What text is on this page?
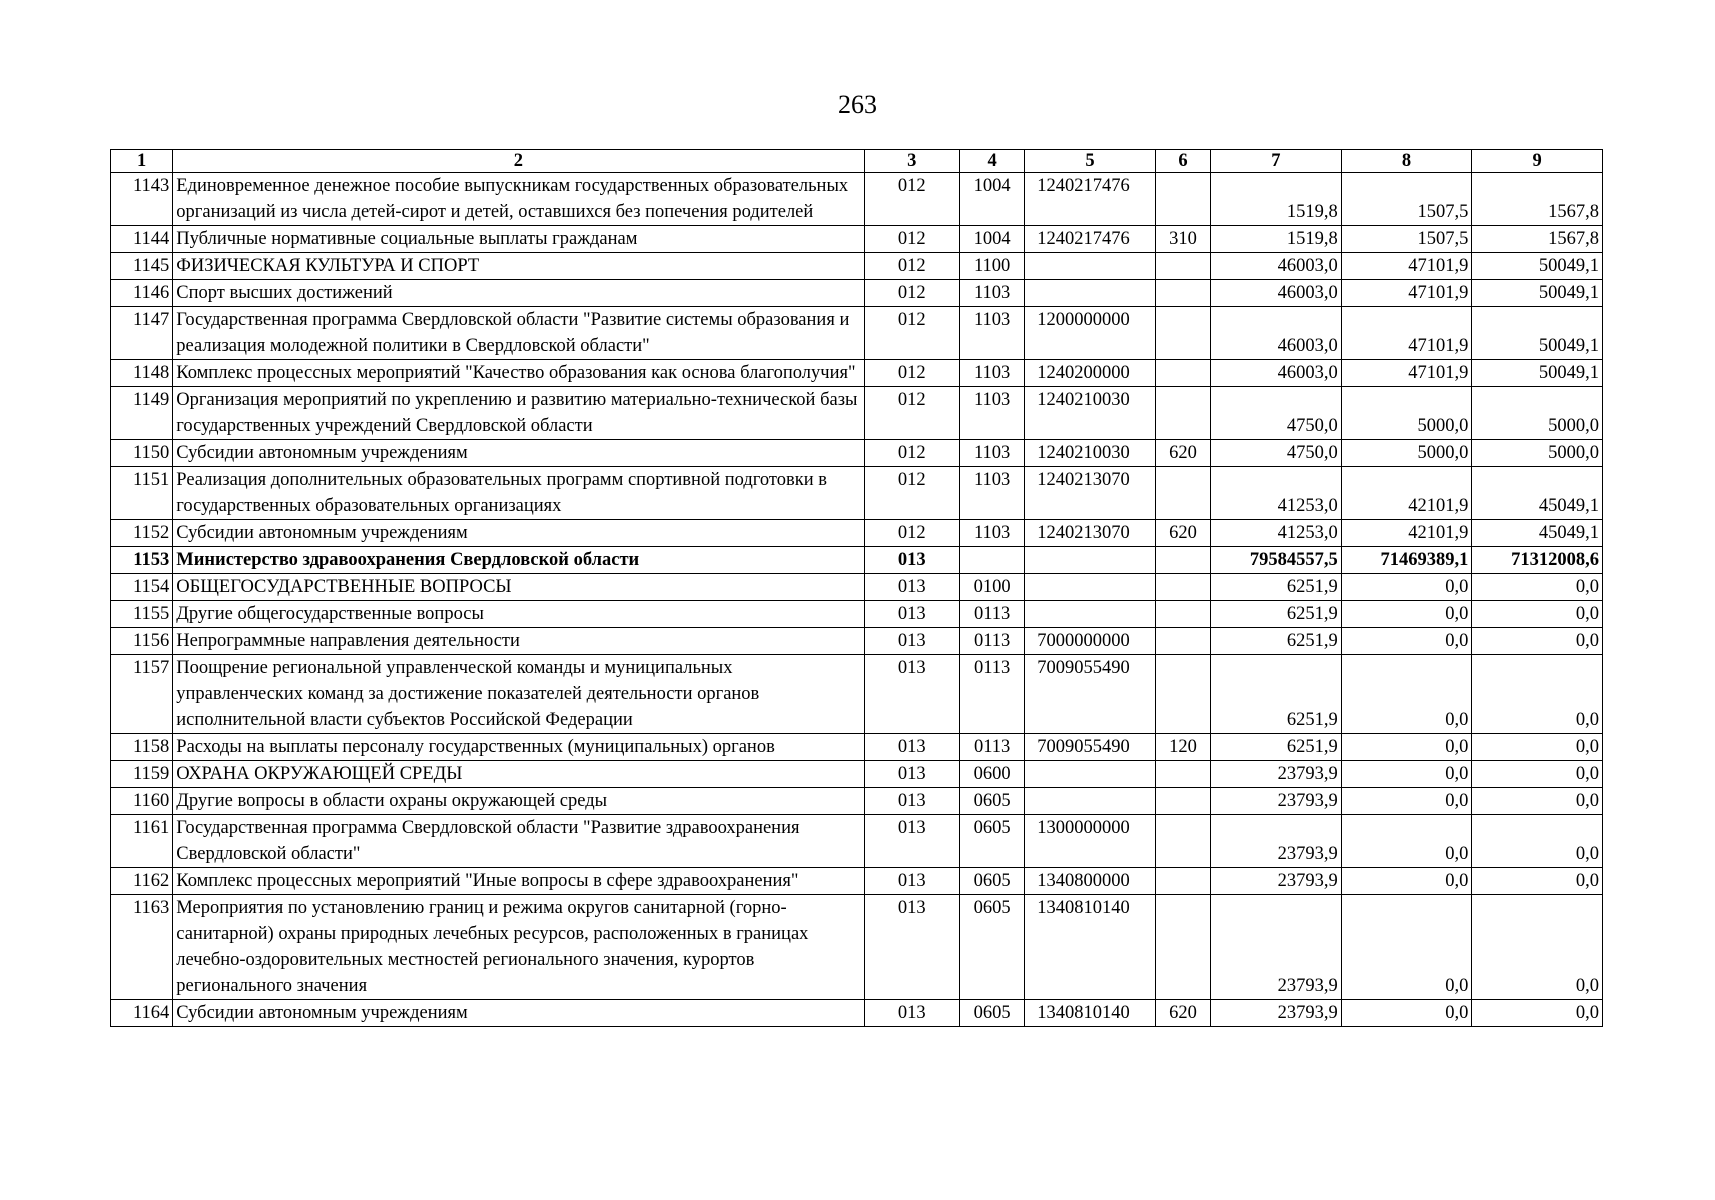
263
1	2	3	4	5	6	7	8	9
1143	Единовременное денежное пособие выпускникам государственных образовательных организаций из числа детей-сирот и детей, оставшихся без попечения родителей	012	1004	1240217476		1519,8	1507,5	1567,8
1144	Публичные нормативные социальные выплаты гражданам	012	1004	1240217476	310	1519,8	1507,5	1567,8
1145	ФИЗИЧЕСКАЯ КУЛЬТУРА И СПОРТ	012	1100			46003,0	47101,9	50049,1
1146	Спорт высших достижений	012	1103			46003,0	47101,9	50049,1
1147	Государственная программа Свердловской области "Развитие системы образования и реализация молодежной политики в Свердловской области"	012	1103	1200000000		46003,0	47101,9	50049,1
1148	Комплекс процессных мероприятий "Качество образования как основа благополучия"	012	1103	1240200000		46003,0	47101,9	50049,1
1149	Организация мероприятий по укреплению и развитию материально-технической базы государственных учреждений Свердловской области	012	1103	1240210030		4750,0	5000,0	5000,0
1150	Субсидии автономным учреждениям	012	1103	1240210030	620	4750,0	5000,0	5000,0
1151	Реализация дополнительных образовательных программ спортивной подготовки в государственных образовательных организациях	012	1103	1240213070		41253,0	42101,9	45049,1
1152	Субсидии автономным учреждениям	012	1103	1240213070	620	41253,0	42101,9	45049,1
1153	Министерство здравоохранения Свердловской области	013				79584557,5	71469389,1	71312008,6
1154	ОБЩЕГОСУДАРСТВЕННЫЕ ВОПРОСЫ	013	0100			6251,9	0,0	0,0
1155	Другие общегосударственные вопросы	013	0113			6251,9	0,0	0,0
1156	Непрограммные направления деятельности	013	0113	7000000000		6251,9	0,0	0,0
1157	Поощрение региональной управленческой команды и муниципальных управленческих команд за достижение показателей деятельности органов исполнительной власти субъектов Российской Федерации	013	0113	7009055490		6251,9	0,0	0,0
1158	Расходы на выплаты персоналу государственных (муниципальных) органов	013	0113	7009055490	120	6251,9	0,0	0,0
1159	ОХРАНА ОКРУЖАЮЩЕЙ СРЕДЫ	013	0600			23793,9	0,0	0,0
1160	Другие вопросы в области охраны окружающей среды	013	0605			23793,9	0,0	0,0
1161	Государственная программа Свердловской области "Развитие здравоохранения Свердловской области"	013	0605	1300000000		23793,9	0,0	0,0
1162	Комплекс процессных мероприятий "Иные вопросы в сфере здравоохранения"	013	0605	1340800000		23793,9	0,0	0,0
1163	Мероприятия по установлению границ и режима округов санитарной (горно-санитарной) охраны природных лечебных ресурсов, расположенных в границах лечебно-оздоровительных местностей регионального значения, курортов регионального значения	013	0605	1340810140		23793,9	0,0	0,0
1164	Субсидии автономным учреждениям	013	0605	1340810140	620	23793,9	0,0	0,0
